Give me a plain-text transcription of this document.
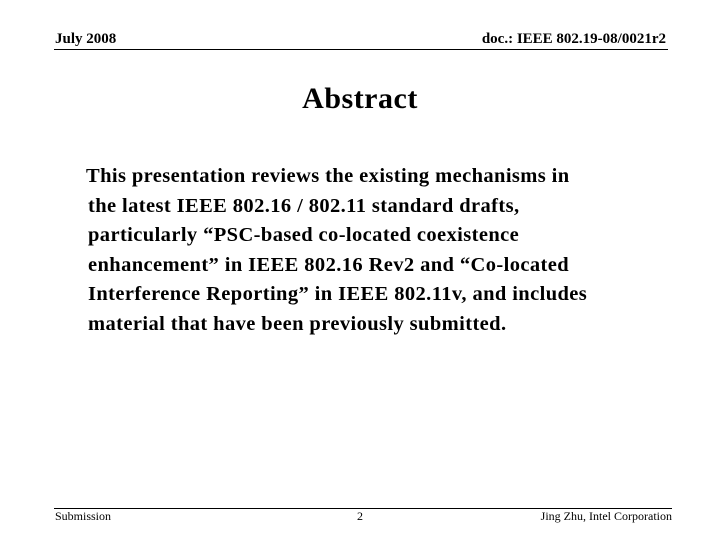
July 2008	doc.: IEEE 802.19-08/0021r2
Abstract
This presentation reviews the existing mechanisms in
the latest IEEE 802.16 / 802.11 standard drafts,
particularly “PSC-based co-located coexistence
enhancement” in IEEE 802.16 Rev2 and “Co-located
Interference Reporting” in IEEE 802.11v, and includes
material that have been previously submitted.
Submission	2	Jing Zhu, Intel Corporation
